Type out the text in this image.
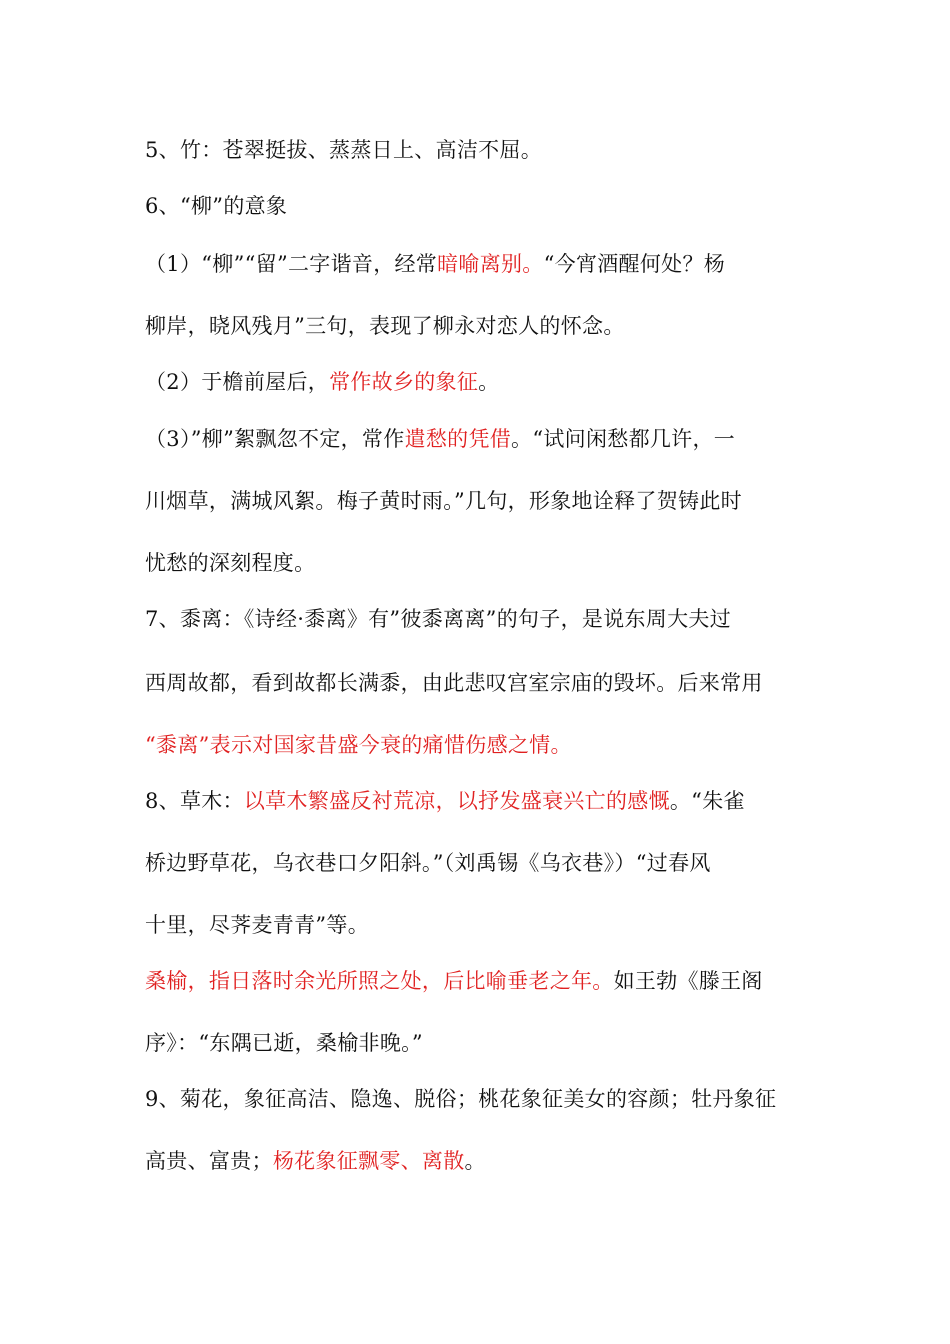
5、竹：苍翠挺拔、蒸蒸日上、高洁不屈。
6、“柳”的意象
（1）“柳”“留”二字谐音，经常暗喻离别。“今宵酒醒何处？杨
柳岸，晓风残月”三句，表现了柳永对恋人的怀念。
（2）于檐前屋后，常作故乡的象征。
（3）”柳”絮飘忽不定，常作遣愁的凭借。“试问闲愁都几许，一
川烟草，满城风絮。梅子黄时雨。”几句，形象地诠释了贺铸此时
忧愁的深刻程度。
7、黍离：《诗经·黍离》有”彼黍离离”的句子，是说东周大夫过
西周故都，看到故都长满黍，由此悲叹宫室宗庙的毁坏。后来常用
“黍离”表示对国家昔盛今衰的痛惜伤感之情。
8、草木：以草木繁盛反衬荒凉，以抒发盛衰兴亡的感慨。“朱雀
桥边野草花，乌衣巷口夕阳斜。”（刘禹锡《乌衣巷》）“过春风
十里，尽荠麦青青”等。
桑榆，指日落时余光所照之处，后比喻垂老之年。如王勃《滕王阁
序》：“东隅已逝，桑榆非晚。”
9、菊花，象征高洁、隐逸、脱俗；桃花象征美女的容颜；牡丹象征
高贵、富贵；杨花象征飘零、离散。
